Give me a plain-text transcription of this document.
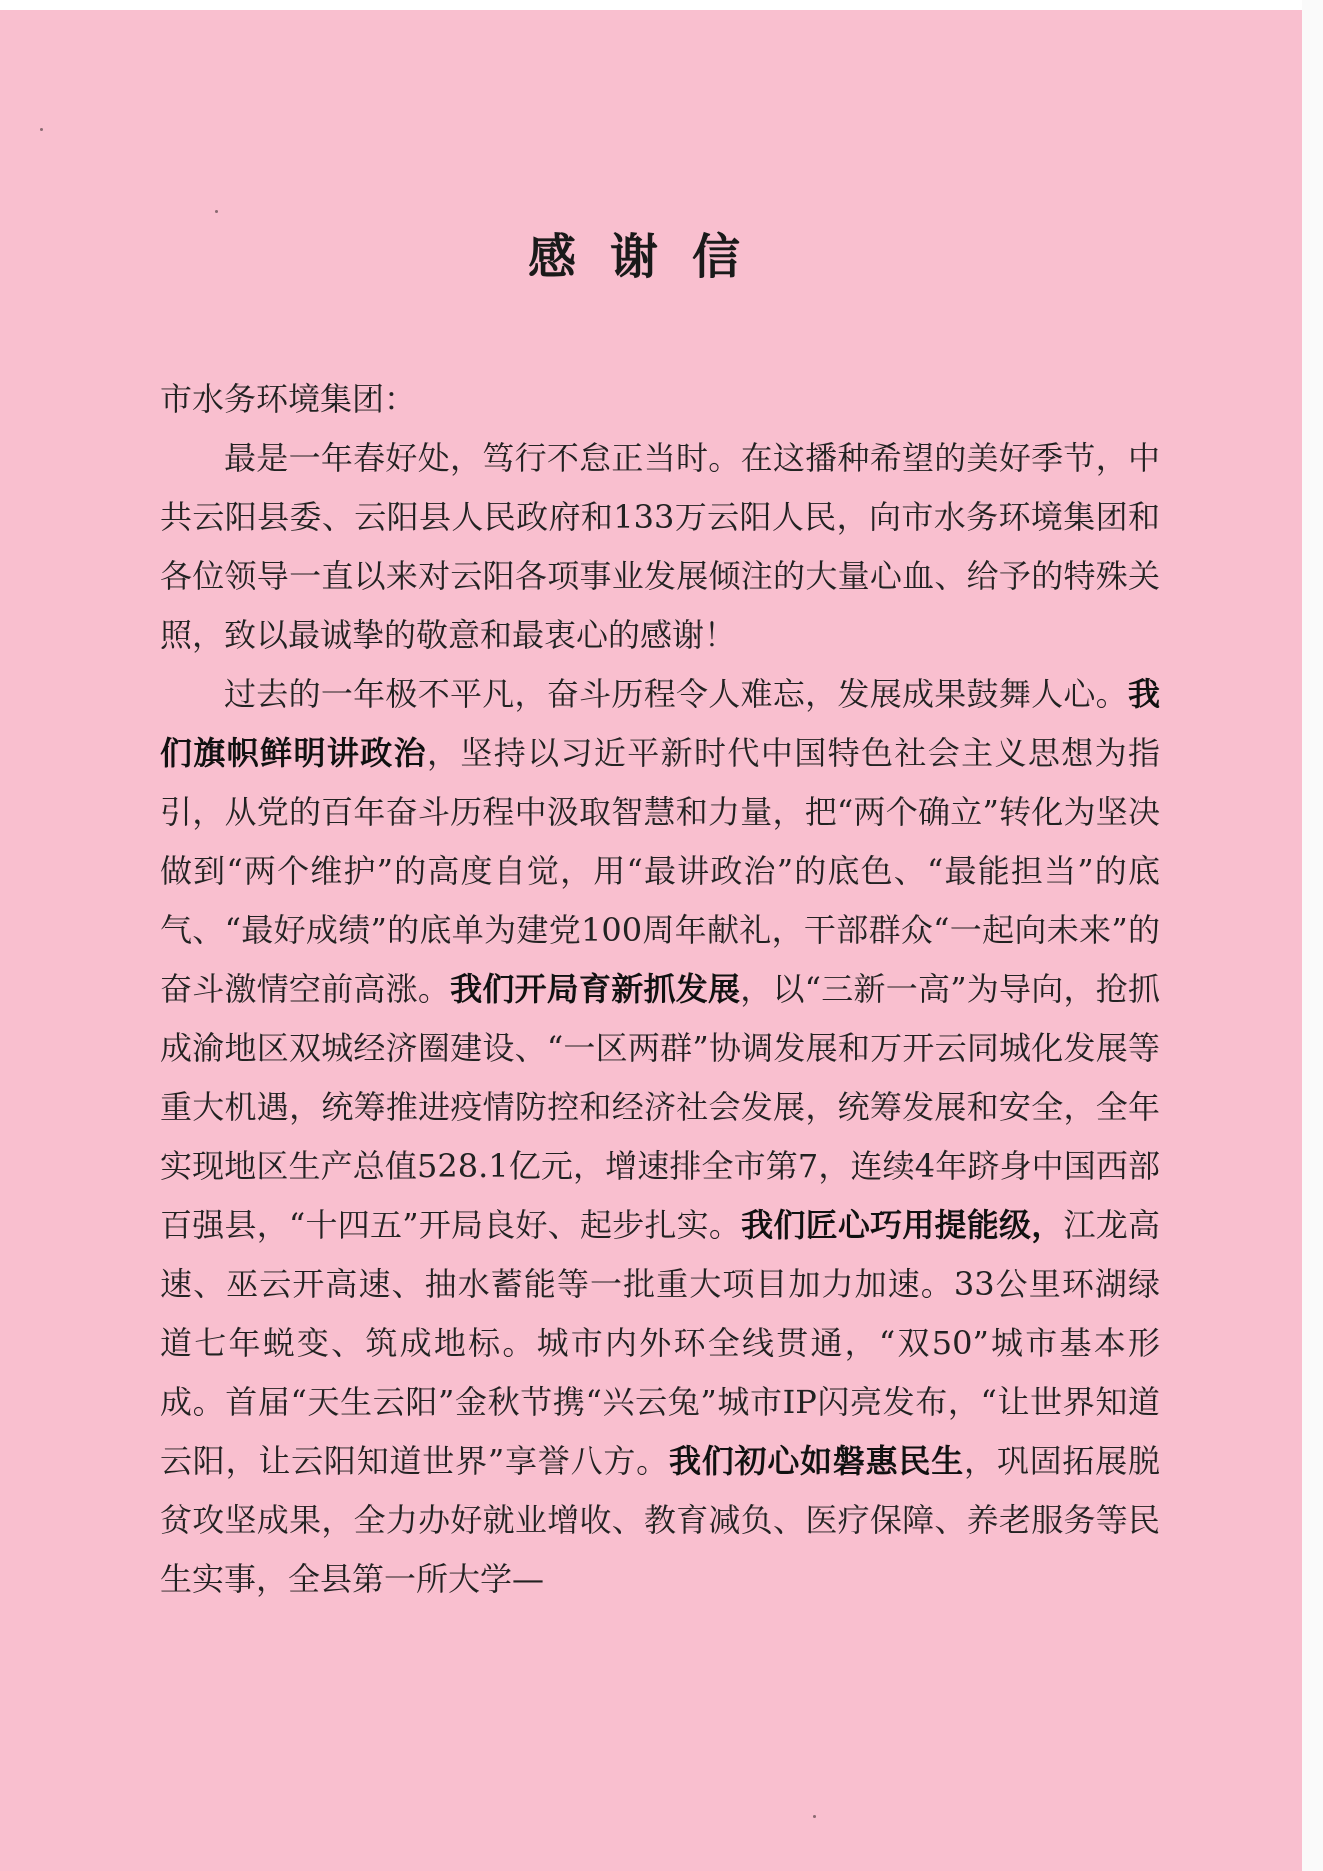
感谢信

市水务环境集团：

最是一年春好处，笃行不怠正当时。在这播种希望的美好季节，中共云阳县委、云阳县人民政府和133万云阳人民，向市水务环境集团和各位领导一直以来对云阳各项事业发展倾注的大量心血、给予的特殊关照，致以最诚挚的敬意和最衷心的感谢！

过去的一年极不平凡，奋斗历程令人难忘，发展成果鼓舞人心。我们旗帜鲜明讲政治，坚持以习近平新时代中国特色社会主义思想为指引，从党的百年奋斗历程中汲取智慧和力量，把“两个确立”转化为坚决做到“两个维护”的高度自觉，用“最讲政治”的底色、“最能担当”的底气、“最好成绩”的底单为建党100周年献礼，干部群众“一起向未来”的奋斗激情空前高涨。我们开局育新抓发展，以“三新一高”为导向，抢抓成渝地区双城经济圈建设、“一区两群”协调发展和万开云同城化发展等重大机遇，统筹推进疫情防控和经济社会发展，统筹发展和安全，全年实现地区生产总值528.1亿元，增速排全市第7，连续4年跻身中国西部百强县，“十四五”开局良好、起步扎实。我们匠心巧用提能级，江龙高速、巫云开高速、抽水蓄能等一批重大项目加力加速。33公里环湖绿道七年蜕变、筑成地标。城市内外环全线贯通，“双50”城市基本形成。首届“天生云阳”金秋节携“兴云兔”城市IP闪亮发布，“让世界知道云阳，让云阳知道世界”享誉八方。我们初心如磐惠民生，巩固拓展脱贫攻坚成果，全力办好就业增收、教育减负、医疗保障、养老服务等民生实事，全县第一所大学—
